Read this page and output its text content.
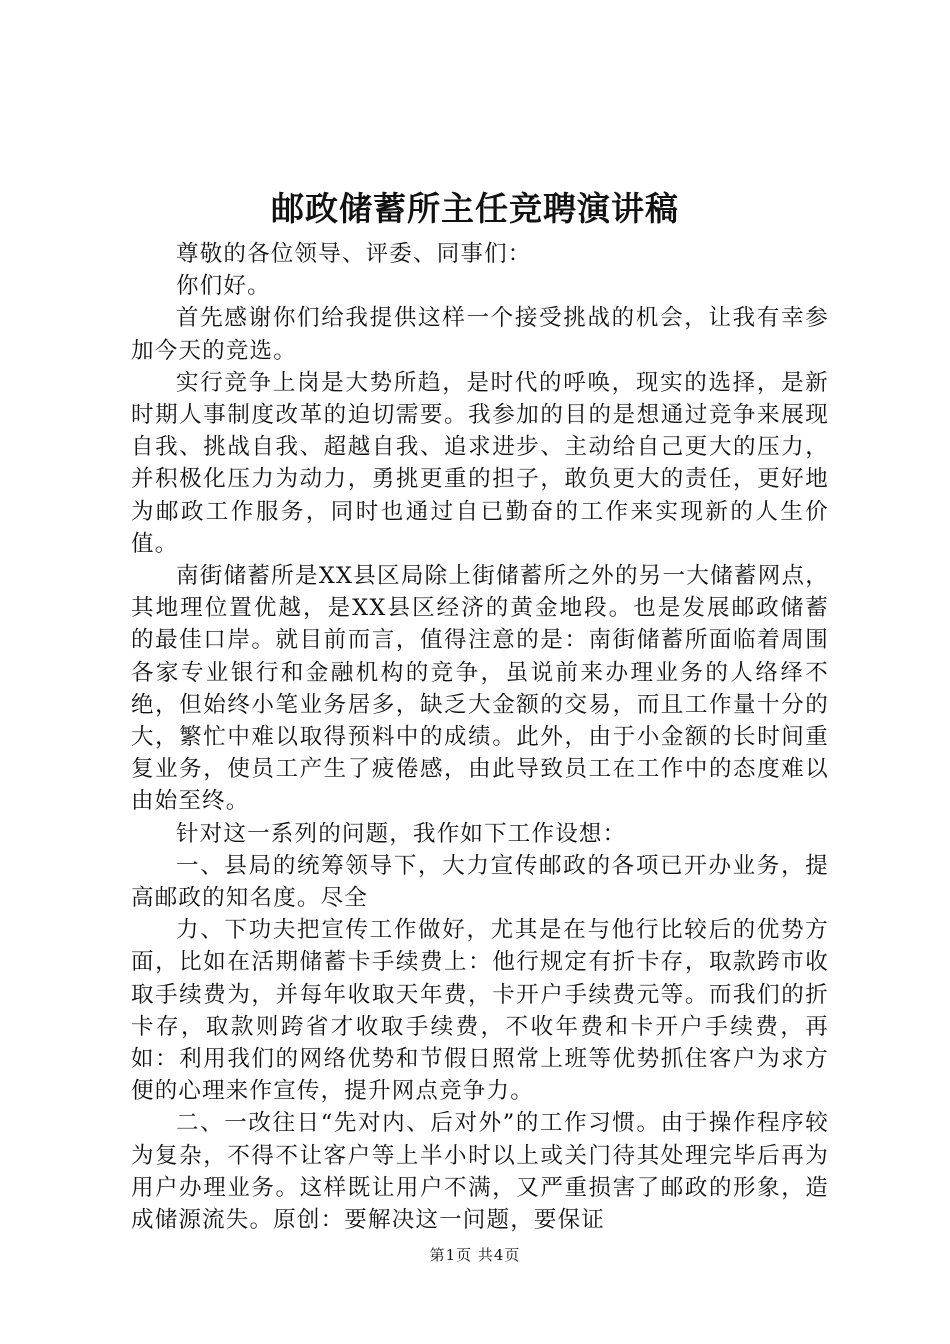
邮政储蓄所主任竞聘演讲稿

尊敬的各位领导、评委、同事们：

你们好。

首先感谢你们给我提供这样一个接受挑战的机会，让我有幸参加今天的竞选。

实行竞争上岗是大势所趋，是时代的呼唤，现实的选择，是新时期人事制度改革的迫切需要。我参加的目的是想通过竞争来展现自我、挑战自我、超越自我、追求进步、主动给自己更大的压力，并积极化压力为动力，勇挑更重的担子，敢负更大的责任，更好地为邮政工作服务，同时也通过自已勤奋的工作来实现新的人生价值。

南街储蓄所是XX县区局除上街储蓄所之外的另一大储蓄网点，其地理位置优越，是XX县区经济的黄金地段。也是发展邮政储蓄的最佳口岸。就目前而言，值得注意的是：南街储蓄所面临着周围各家专业银行和金融机构的竞争，虽说前来办理业务的人络绎不绝，但始终小笔业务居多，缺乏大金额的交易，而且工作量十分的大，繁忙中难以取得预料中的成绩。此外，由于小金额的长时间重复业务，使员工产生了疲倦感，由此导致员工在工作中的态度难以由始至终。

针对这一系列的问题，我作如下工作设想：

一、县局的统筹领导下，大力宣传邮政的各项已开办业务，提高邮政的知名度。尽全

力、下功夫把宣传工作做好，尤其是在与他行比较后的优势方面，比如在活期储蓄卡手续费上：他行规定有折卡存，取款跨市收取手续费为，并每年收取天年费，卡开户手续费元等。而我们的折卡存，取款则跨省才收取手续费，不收年费和卡开户手续费，再如：利用我们的网络优势和节假日照常上班等优势抓住客户为求方便的心理来作宣传，提升网点竞争力。

二、一改往日“先对内、后对外”的工作习惯。由于操作程序较为复杂，不得不让客户等上半小时以上或关门待其处理完毕后再为用户办理业务。这样既让用户不满，又严重损害了邮政的形象，造成储源流失。原创：要解决这一问题，要保证

第1页 共4页
